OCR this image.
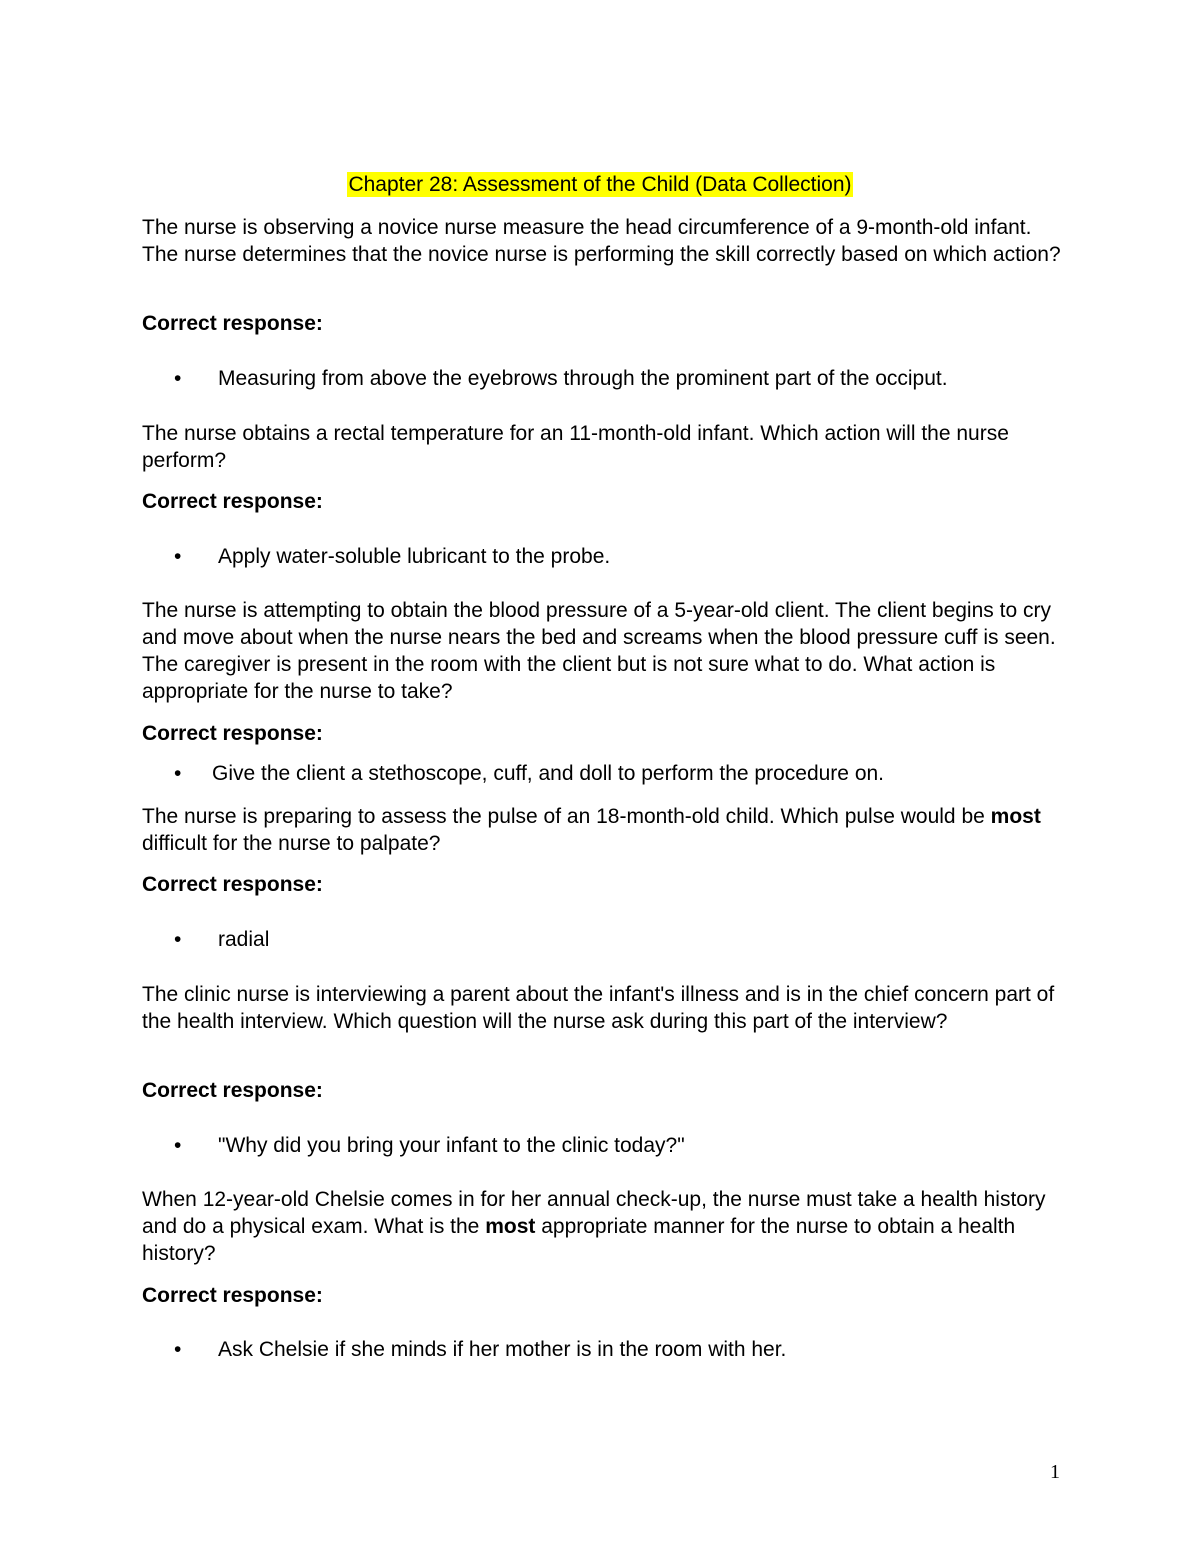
Chapter 28: Assessment of the Child (Data Collection)

The nurse is observing a novice nurse measure the head circumference of a 9-month-old infant. The nurse determines that the novice nurse is performing the skill correctly based on which action?

Correct response:

• Measuring from above the eyebrows through the prominent part of the occiput.

The nurse obtains a rectal temperature for an 11-month-old infant. Which action will the nurse perform?

Correct response:

• Apply water-soluble lubricant to the probe.

The nurse is attempting to obtain the blood pressure of a 5-year-old client. The client begins to cry and move about when the nurse nears the bed and screams when the blood pressure cuff is seen. The caregiver is present in the room with the client but is not sure what to do. What action is appropriate for the nurse to take?

Correct response:

• Give the client a stethoscope, cuff, and doll to perform the procedure on.

The nurse is preparing to assess the pulse of an 18-month-old child. Which pulse would be most difficult for the nurse to palpate?

Correct response:

• radial

The clinic nurse is interviewing a parent about the infant's illness and is in the chief concern part of the health interview. Which question will the nurse ask during this part of the interview?

Correct response:

• "Why did you bring your infant to the clinic today?"

When 12-year-old Chelsie comes in for her annual check-up, the nurse must take a health history and do a physical exam. What is the most appropriate manner for the nurse to obtain a health history?

Correct response:

• Ask Chelsie if she minds if her mother is in the room with her.

1
